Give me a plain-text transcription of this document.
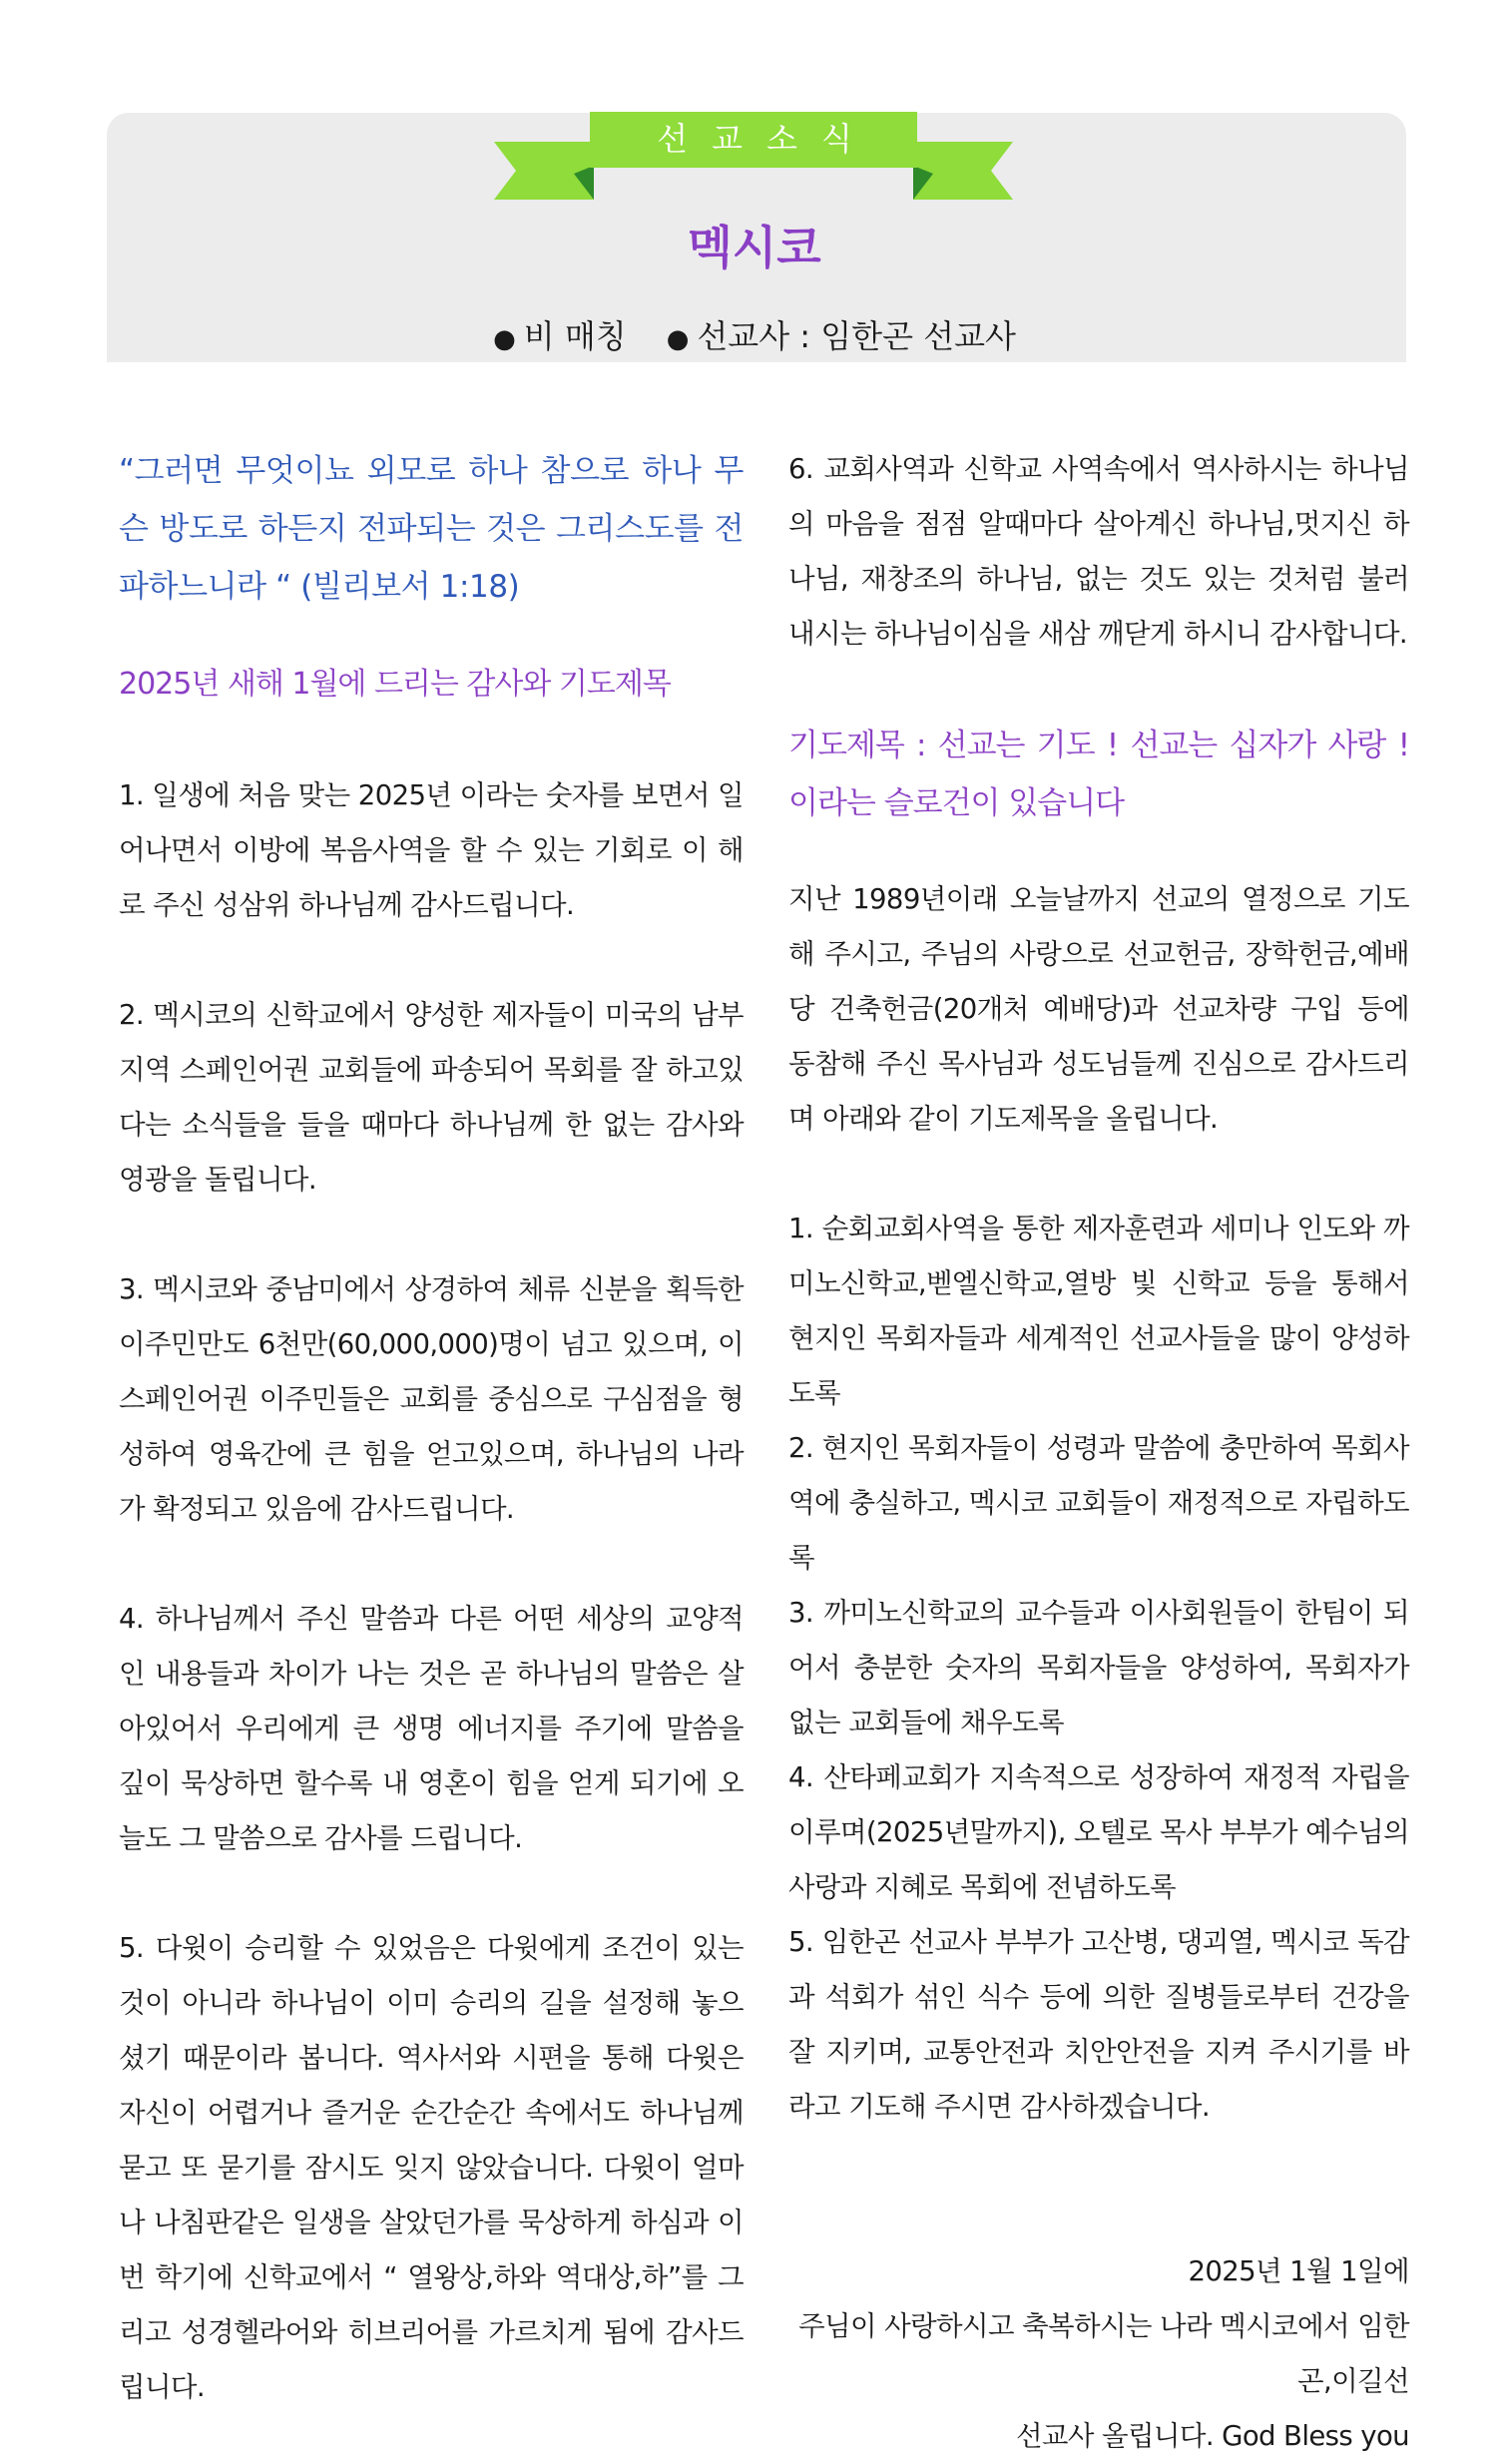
선교소식
멕시코
● 비 매칭 ● 선교사 : 임한곤 선교사

“그러면 무엇이뇨 외모로 하나 참으로 하나 무슨 방도로 하든지 전파되는 것은 그리스도를 전파하느니라 “ (빌리보서 1:18)

2025년 새해 1월에 드리는 감사와 기도제목

1. 일생에 처음 맞는 2025년 이라는 숫자를 보면서 일어나면서 이방에 복음사역을 할 수 있는 기회로 이 해로 주신 성삼위 하나님께 감사드립니다.

2. 멕시코의 신학교에서 양성한 제자들이 미국의 남부지역 스페인어권 교회들에 파송되어 목회를 잘 하고있다는 소식들을 들을 때마다 하나님께 한 없는 감사와 영광을 돌립니다.

3. 멕시코와 중남미에서 상경하여 체류 신분을 획득한 이주민만도 6천만(60,000,000)명이 넘고 있으며, 이 스페인어권 이주민들은 교회를 중심으로 구심점을 형성하여 영육간에 큰 힘을 얻고있으며, 하나님의 나라가 확정되고 있음에 감사드립니다.

4. 하나님께서 주신 말씀과 다른 어떤 세상의 교양적인 내용들과 차이가 나는 것은 곧 하나님의 말씀은 살아있어서 우리에게 큰 생명 에너지를 주기에 말씀을 깊이 묵상하면 할수록 내 영혼이 힘을 얻게 되기에 오늘도 그 말씀으로 감사를 드립니다.

5. 다윗이 승리할 수 있었음은 다윗에게 조건이 있는 것이 아니라 하나님이 이미 승리의 길을 설정해 놓으셨기 때문이라 봅니다. 역사서와 시편을 통해 다윗은 자신이 어렵거나 즐거운 순간순간 속에서도 하나님께 묻고 또 묻기를 잠시도 잊지 않았습니다. 다윗이 얼마나 나침판같은 일생을 살았던가를 묵상하게 하심과 이번 학기에 신학교에서 “ 열왕상,하와 역대상,하”를 그리고 성경헬라어와 히브리어를 가르치게 됨에 감사드립니다.

6. 교회사역과 신학교 사역속에서 역사하시는 하나님의 마음을 점점 알때마다 살아계신 하나님,멋지신 하나님, 재창조의 하나님, 없는 것도 있는 것처럼 불러 내시는 하나님이심을 새삼 깨닫게 하시니 감사합니다.

기도제목 : 선교는 기도 ! 선교는 십자가 사랑 ! 이라는 슬로건이 있습니다

지난 1989년이래 오늘날까지 선교의 열정으로 기도해 주시고, 주님의 사랑으로 선교헌금, 장학헌금,예배당 건축헌금(20개처 예배당)과 선교차량 구입 등에 동참해 주신 목사님과 성도님들께 진심으로 감사드리며 아래와 같이 기도제목을 올립니다.

1. 순회교회사역을 통한 제자훈련과 세미나 인도와 까미노신학교,벧엘신학교,열방 빛 신학교 등을 통해서 현지인 목회자들과 세계적인 선교사들을 많이 양성하도록

2. 현지인 목회자들이 성령과 말씀에 충만하여 목회사역에 충실하고, 멕시코 교회들이 재정적으로 자립하도록

3. 까미노신학교의 교수들과 이사회원들이 한팀이 되어서 충분한 숫자의 목회자들을 양성하여, 목회자가 없는 교회들에 채우도록

4. 산타페교회가 지속적으로 성장하여 재정적 자립을 이루며(2025년말까지), 오텔로 목사 부부가 예수님의 사랑과 지혜로 목회에 전념하도록

5. 임한곤 선교사 부부가 고산병, 댕괴열, 멕시코 독감과 석회가 섞인 식수 등에 의한 질병들로부터 건강을 잘 지키며, 교통안전과 치안안전을 지켜 주시기를 바라고 기도해 주시면 감사하겠습니다.

2025년 1월 1일에

주님이 사랑하시고 축복하시는 나라 멕시코에서 임한곤,이길선

선교사 올립니다. God Bless you
